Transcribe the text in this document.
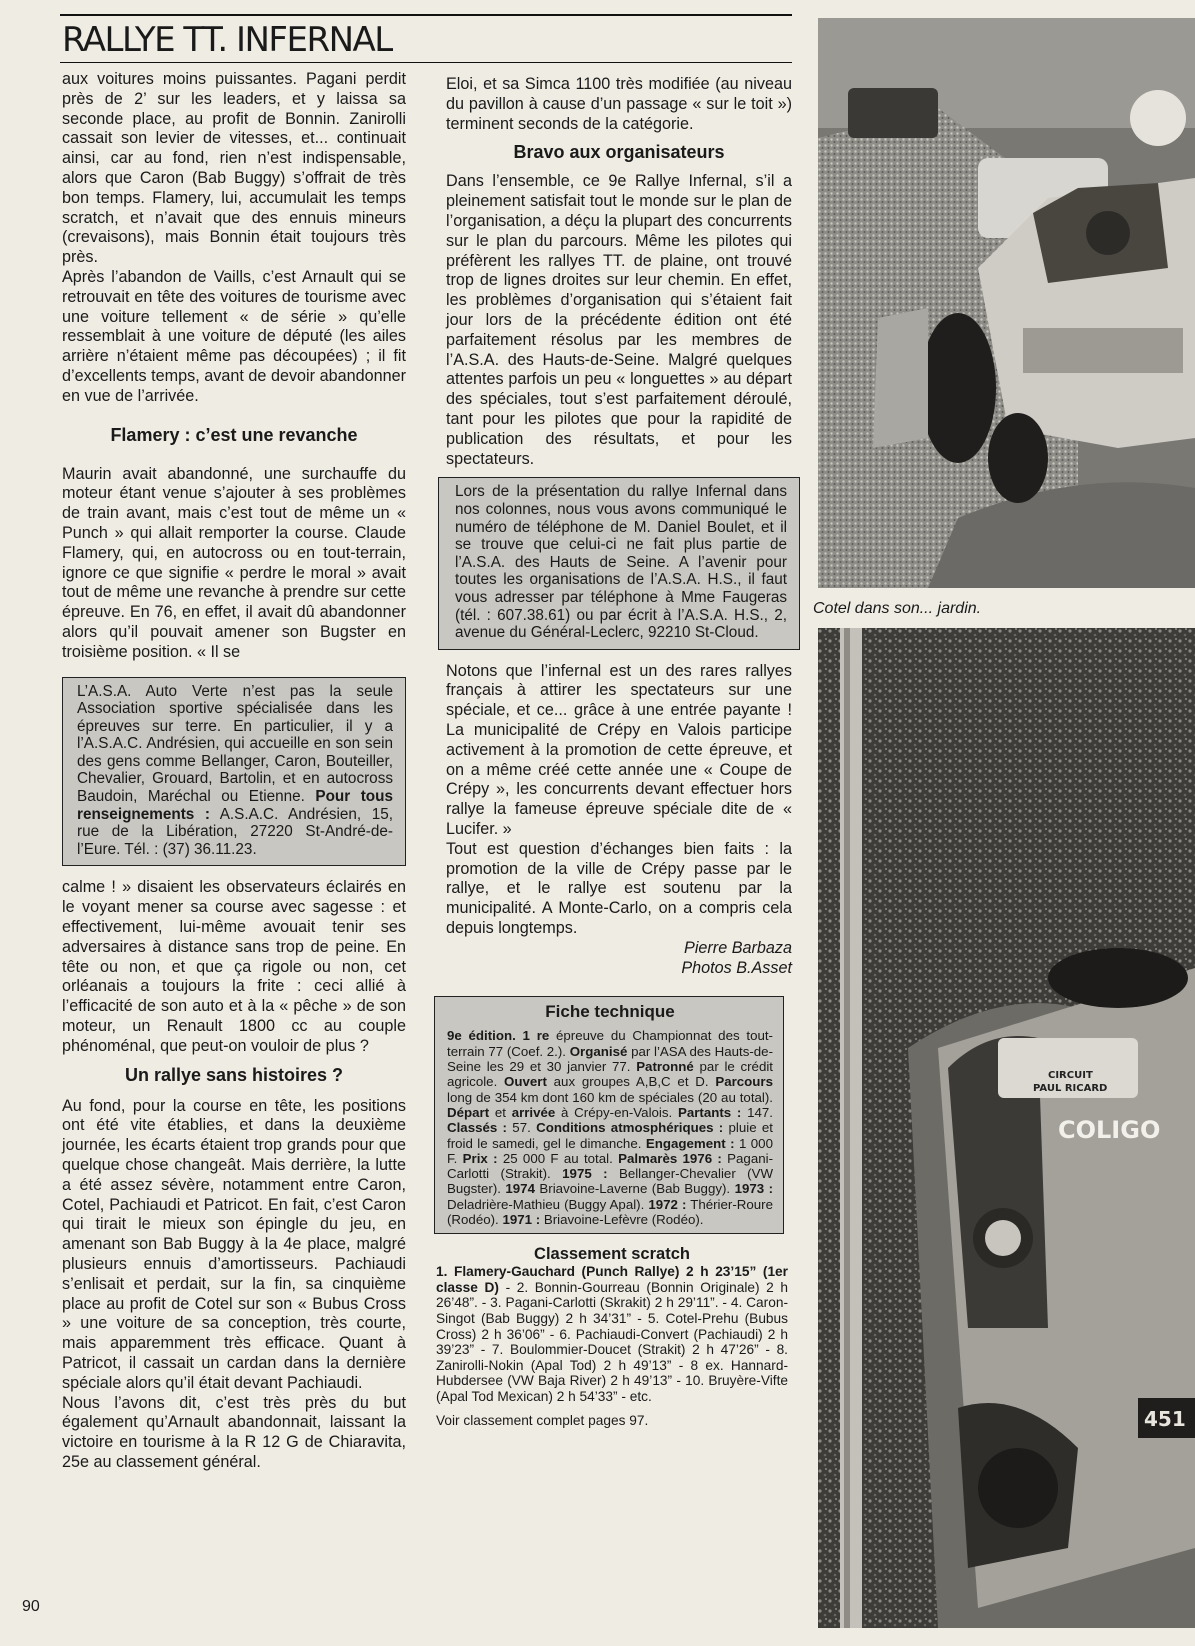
RALLYE TT. INFERNAL

aux voitures moins puissantes. Pagani perdit près de 2’ sur les leaders, et y laissa sa seconde place, au profit de Bonnin. Zanirolli cassait son levier de vitesses, et... continuait ainsi, car au fond, rien n’est indispensable, alors que Caron (Bab Buggy) s’offrait de très bon temps. Flamery, lui, accumulait les temps scratch, et n’avait que des ennuis mineurs (crevaisons), mais Bonnin était toujours très près.

Après l’abandon de Vaills, c’est Arnault qui se retrouvait en tête des voitures de tourisme avec une voiture tellement « de série » qu’elle ressemblait à une voiture de député (les ailes arrière n’étaient même pas découpées) ; il fit d’excellents temps, avant de devoir abandonner en vue de l’arrivée.

Flamery : c’est une revanche

Maurin avait abandonné, une surchauffe du moteur étant venue s’ajouter à ses problèmes de train avant, mais c’est tout de même un « Punch » qui allait remporter la course. Claude Flamery, qui, en autocross ou en tout-terrain, ignore ce que signifie « perdre le moral » avait tout de même une revanche à prendre sur cette épreuve. En 76, en effet, il avait dû abandonner alors qu’il pouvait amener son Bugster en troisième position. « Il se

L’A.S.A. Auto Verte n’est pas la seule Association sportive spécialisée dans les épreuves sur terre. En particulier, il y a l’A.S.A.C. Andrésien, qui accueille en son sein des gens comme Bellanger, Caron, Bouteiller, Chevalier, Grouard, Bartolin, et en autocross Baudoin, Maréchal ou Etienne. Pour tous renseignements : A.S.A.C. Andrésien, 15, rue de la Libération, 27220 St-André-de-l’Eure. Tél. : (37) 36.11.23.

calme ! » disaient les observateurs éclairés en le voyant mener sa course avec sagesse : et effectivement, lui-même avouait tenir ses adversaires à distance sans trop de peine. En tête ou non, et que ça rigole ou non, cet orléanais a toujours la frite : ceci allié à l’efficacité de son auto et à la « pêche » de son moteur, un Renault 1800 cc au couple phénoménal, que peut-on vouloir de plus ?

Un rallye sans histoires ?

Au fond, pour la course en tête, les positions ont été vite établies, et dans la deuxième journée, les écarts étaient trop grands pour que quelque chose changeât. Mais derrière, la lutte a été assez sévère, notamment entre Caron, Cotel, Pachiaudi et Patricot. En fait, c’est Caron qui tirait le mieux son épingle du jeu, en amenant son Bab Buggy à la 4e place, malgré plusieurs ennuis d’amortisseurs. Pachiaudi s’enlisait et perdait, sur la fin, sa cinquième place au profit de Cotel sur son « Bubus Cross » une voiture de sa conception, très courte, mais apparemment très efficace. Quant à Patricot, il cassait un cardan dans la dernière spéciale alors qu’il était devant Pachiaudi.

Nous l’avons dit, c’est très près du but également qu’Arnault abandonnait, laissant la victoire en tourisme à la R 12 G de Chiaravita, 25e au classement général.

Eloi, et sa Simca 1100 très modifiée (au niveau du pavillon à cause d’un passage « sur le toit ») terminent seconds de la catégorie.

Bravo aux organisateurs

Dans l’ensemble, ce 9e Rallye Infernal, s’il a pleinement satisfait tout le monde sur le plan de l’organisation, a déçu la plupart des concurrents sur le plan du parcours. Même les pilotes qui préfèrent les rallyes TT. de plaine, ont trouvé trop de lignes droites sur leur chemin. En effet, les problèmes d’organisation qui s’étaient fait jour lors de la précédente édition ont été parfaitement résolus par les membres de l’A.S.A. des Hauts-de-Seine. Malgré quelques attentes parfois un peu « longuettes » au départ des spéciales, tout s’est parfaitement déroulé, tant pour les pilotes que pour la rapidité de publication des résultats, et pour les spectateurs.

Lors de la présentation du rallye Infernal dans nos colonnes, nous vous avons communiqué le numéro de téléphone de M. Daniel Boulet, et il se trouve que celui-ci ne fait plus partie de l’A.S.A. des Hauts de Seine. A l’avenir pour toutes les organisations de l’A.S.A. H.S., il faut vous adresser par téléphone à Mme Faugeras (tél. : 607.38.61) ou par écrit à l’A.S.A. H.S., 2, avenue du Général-Leclerc, 92210 St-Cloud.

Notons que l’infernal est un des rares rallyes français à attirer les spectateurs sur une spéciale, et ce... grâce à une entrée payante ! La municipalité de Crépy en Valois participe activement à la promotion de cette épreuve, et on a même créé cette année une « Coupe de Crépy », les concurrents devant effectuer hors rallye la fameuse épreuve spéciale dite de « Lucifer. »

Tout est question d’échanges bien faits : la promotion de la ville de Crépy passe par le rallye, et le rallye est soutenu par la municipalité. A Monte-Carlo, on a compris cela depuis longtemps.

Pierre Barbaza
Photos B.Asset
Fiche technique

9e édition. 1 re épreuve du Championnat des tout-terrain 77 (Coef. 2.). Organisé par l’ASA des Hauts-de-Seine les 29 et 30 janvier 77. Patronné par le crédit agricole. Ouvert aux groupes A,B,C et D. Parcours long de 354 km dont 160 km de spéciales (20 au total). Départ et arrivée à Crépy-en-Valois. Partants : 147. Classés : 57. Conditions atmosphériques : pluie et froid le samedi, gel le dimanche. Engagement : 1 000 F. Prix : 25 000 F au total. Palmarès 1976 : Pagani-Carlotti (Strakit). 1975 : Bellanger-Chevalier (VW Bugster). 1974 Briavoine-Laverne (Bab Buggy). 1973 : Deladrière-Mathieu (Buggy Apal). 1972 : Thérier-Roure (Rodéo). 1971 : Briavoine-Lefèvre (Rodéo).

Classement scratch

1. Flamery-Gauchard (Punch Rallye) 2 h 23’15” (1er classe D) - 2. Bonnin-Gourreau (Bonnin Originale) 2 h 26’48”. - 3. Pagani-Carlotti (Skrakit) 2 h 29’11”. - 4. Caron-Singot (Bab Buggy) 2 h 34’31” - 5. Cotel-Prehu (Bubus Cross) 2 h 36’06” - 6. Pachiaudi-Convert (Pachiaudi) 2 h 39’23” - 7. Boulommier-Doucet (Strakit) 2 h 47’26” - 8. Zanirolli-Nokin (Apal Tod) 2 h 49’13” - 8 ex. Hannard-Hubdersee (VW Baja River) 2 h 49’13” - 10. Bruyère-Vifte (Apal Tod Mexican) 2 h 54’33” - etc.

Voir classement complet pages 97.

90
Cotel dans son... jardin.
CIRCUIT
PAUL RICARD
COLIGO
451
